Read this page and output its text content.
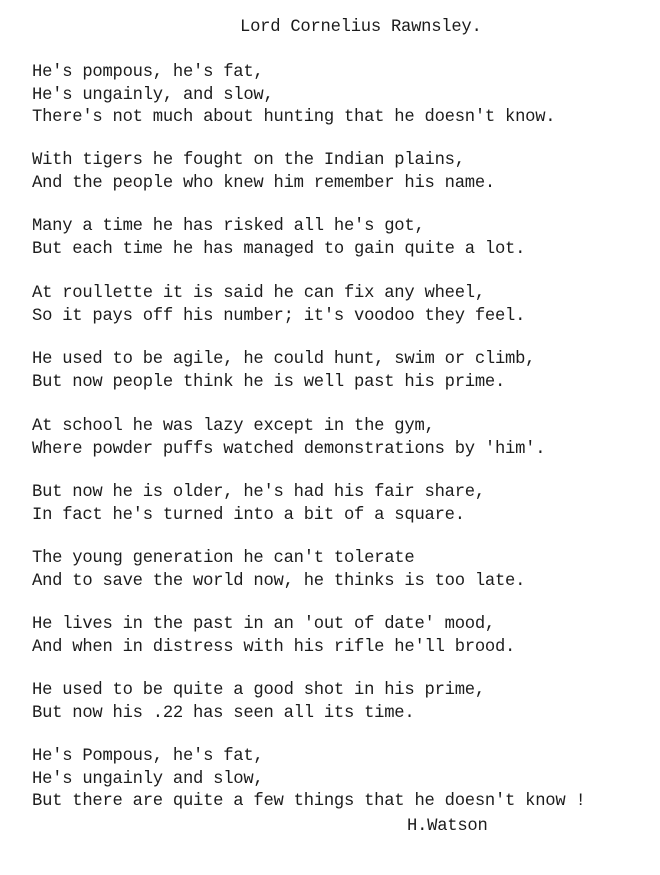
Lord Cornelius Rawnsley.
He's pompous, he's fat,
He's ungainly, and slow,
There's not much about hunting that he doesn't know.
With tigers he fought on the Indian plains,
And the people who knew him remember his name.
Many a time he has risked all he's got,
But each time he has managed to gain quite a lot.
At roullette it is said he can fix any wheel,
So it pays off his number; it's voodoo they feel.
He used to be agile, he could hunt, swim or climb,
But now people think he is well past his prime.
At school he was lazy except in the gym,
Where powder puffs watched demonstrations by 'him'.
But now he is older, he's had his fair share,
In fact he's turned into a bit of a square.
The young generation he can't tolerate
And to save the world now, he thinks is too late.
He lives in the past in an 'out of date' mood,
And when in distress with his rifle he'll brood.
He used to be quite a good shot in his prime,
But now his .22 has seen all its time.
He's Pompous, he's fat,
He's ungainly and slow,
But there are quite a few things that he doesn't know !
H.Watson
